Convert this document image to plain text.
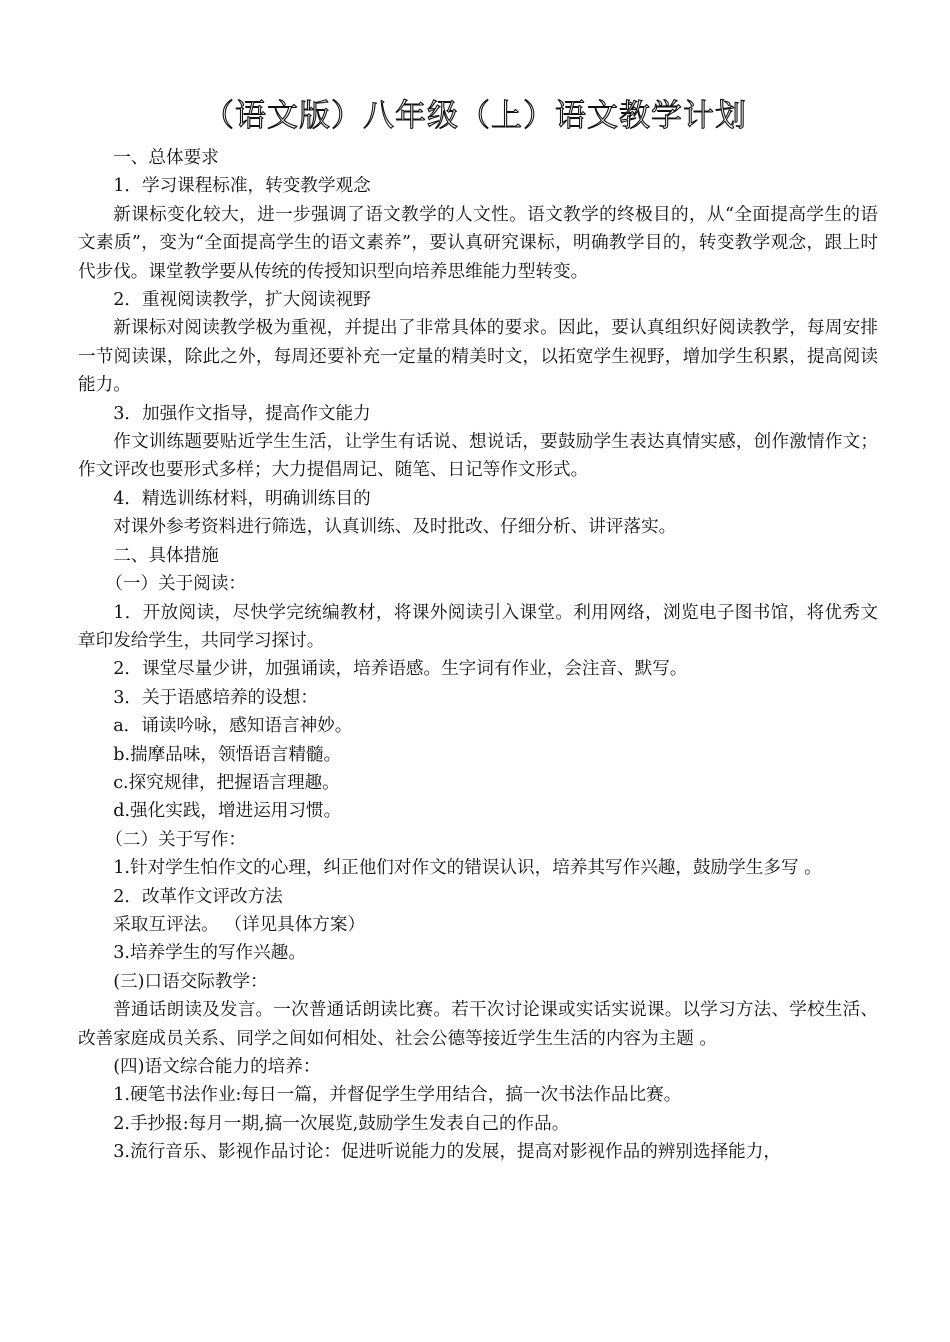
（语文版）八年级（上）语文教学计划

一、总体要求

1．学习课程标准，转变教学观念

新课标变化较大，进一步强调了语文教学的人文性。语文教学的终极目的，从“全面提高学生的语文素质”，变为“全面提高学生的语文素养”，要认真研究课标，明确教学目的，转变教学观念，跟上时代步伐。课堂教学要从传统的传授知识型向培养思维能力型转变。

2．重视阅读教学，扩大阅读视野

新课标对阅读教学极为重视，并提出了非常具体的要求。因此，要认真组织好阅读教学，每周安排一节阅读课，除此之外，每周还要补充一定量的精美时文，以拓宽学生视野，增加学生积累，提高阅读能力。

3．加强作文指导，提高作文能力

作文训练题要贴近学生生活，让学生有话说、想说话，要鼓励学生表达真情实感，创作激情作文；作文评改也要形式多样；大力提倡周记、随笔、日记等作文形式。

4．精选训练材料，明确训练目的

对课外参考资料进行筛选，认真训练、及时批改、仔细分析、讲评落实。

二、具体措施

（一）关于阅读：

1．开放阅读，尽快学完统编教材，将课外阅读引入课堂。利用网络，浏览电子图书馆，将优秀文章印发给学生，共同学习探讨。

2．课堂尽量少讲，加强诵读，培养语感。生字词有作业，会注音、默写。

3．关于语感培养的设想：

a．诵读吟咏，感知语言神妙。

b.揣摩品味，领悟语言精髓。

c.探究规律，把握语言理趣。

d.强化实践，增进运用习惯。

（二）关于写作：

1.针对学生怕作文的心理，纠正他们对作文的错误认识，培养其写作兴趣，鼓励学生多写 。

2．改革作文评改方法

采取互评法。 （详见具体方案）

3.培养学生的写作兴趣。

(三)口语交际教学：

普通话朗读及发言。一次普通话朗读比赛。若干次讨论课或实话实说课。以学习方法、学校生活、改善家庭成员关系、同学之间如何相处、社会公德等接近学生生活的内容为主题 。

(四)语文综合能力的培养：

1.硬笔书法作业:每日一篇，并督促学生学用结合，搞一次书法作品比赛。

2.手抄报:每月一期,搞一次展览,鼓励学生发表自己的作品。

3.流行音乐、影视作品讨论：促进听说能力的发展，提高对影视作品的辨别选择能力，
